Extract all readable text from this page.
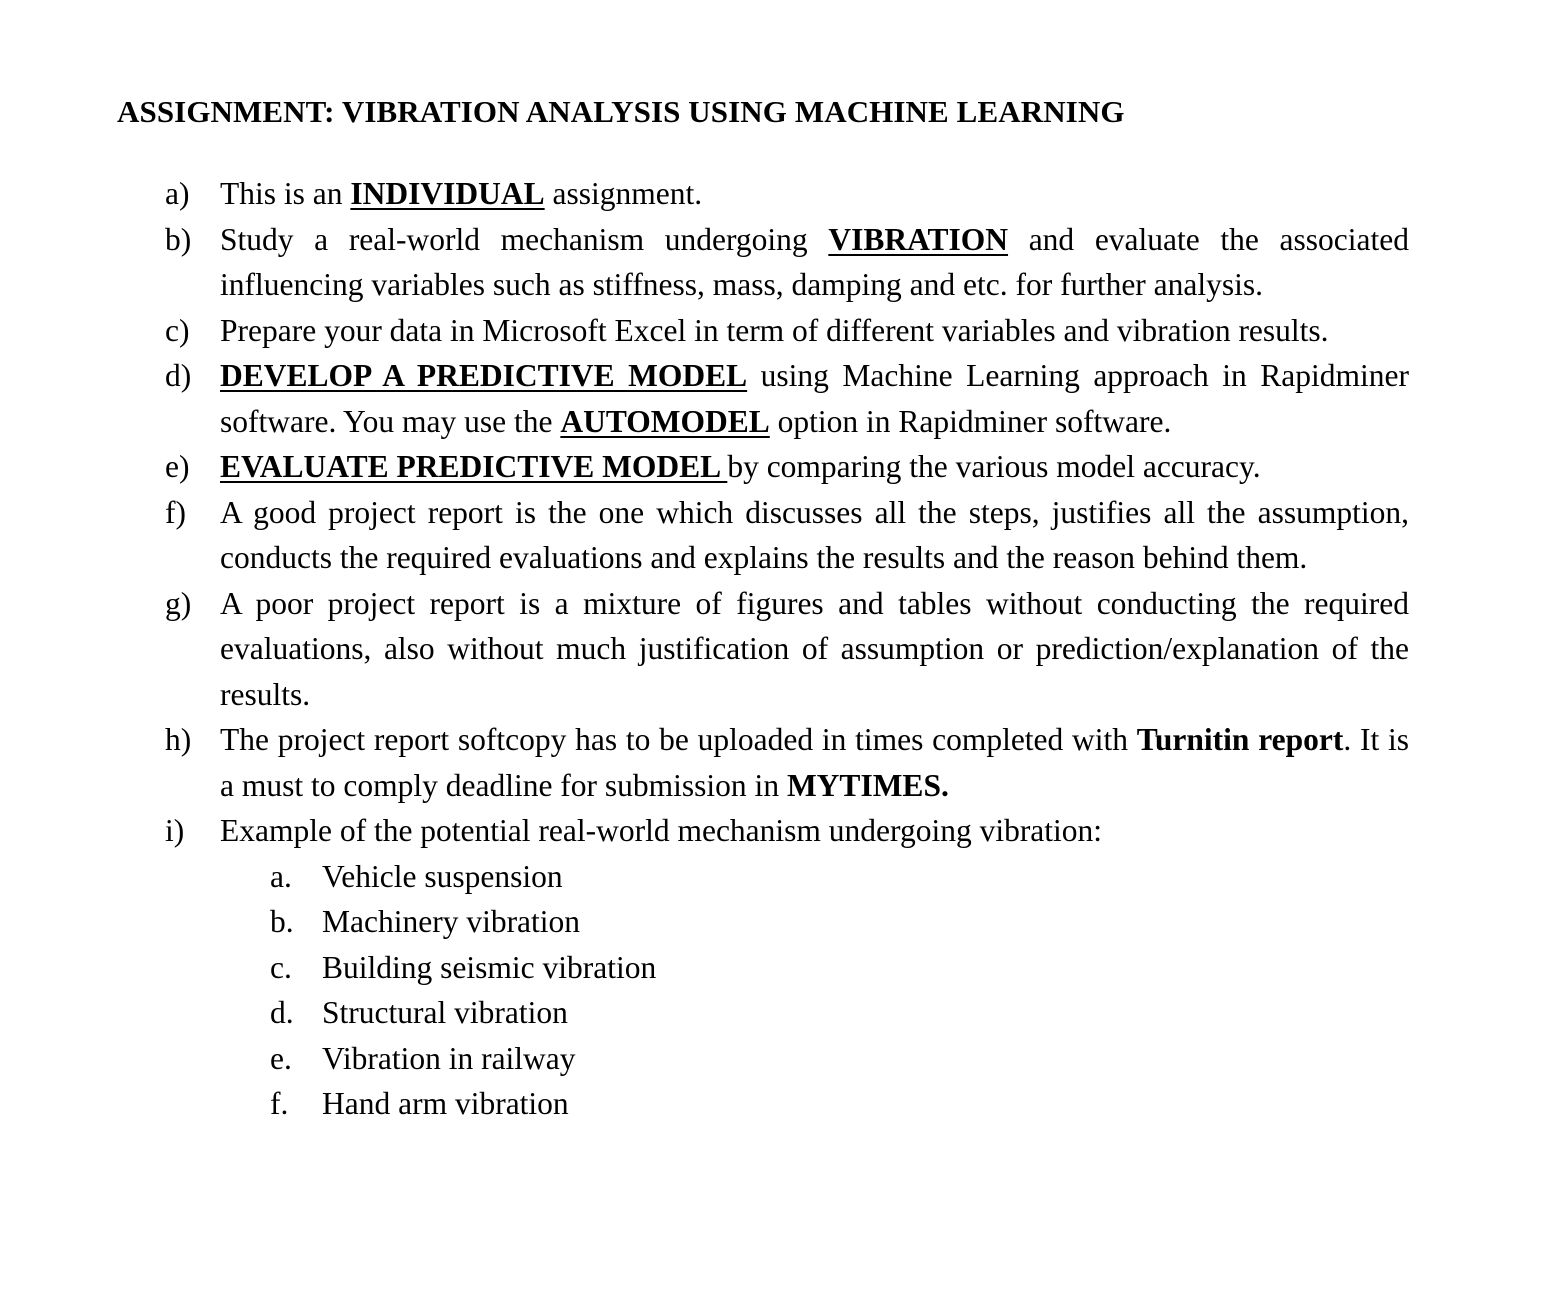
ASSIGNMENT: VIBRATION ANALYSIS USING MACHINE LEARNING
a) This is an INDIVIDUAL assignment.
b) Study a real-world mechanism undergoing VIBRATION and evaluate the associated influencing variables such as stiffness, mass, damping and etc. for further analysis.
c) Prepare your data in Microsoft Excel in term of different variables and vibration results.
d) DEVELOP A PREDICTIVE MODEL using Machine Learning approach in Rapidminer software. You may use the AUTOMODEL option in Rapidminer software.
e) EVALUATE PREDICTIVE MODEL by comparing the various model accuracy.
f) A good project report is the one which discusses all the steps, justifies all the assumption, conducts the required evaluations and explains the results and the reason behind them.
g) A poor project report is a mixture of figures and tables without conducting the required evaluations, also without much justification of assumption or prediction/explanation of the results.
h) The project report softcopy has to be uploaded in times completed with Turnitin report. It is a must to comply deadline for submission in MYTIMES.
i) Example of the potential real-world mechanism undergoing vibration:
a. Vehicle suspension
b. Machinery vibration
c. Building seismic vibration
d. Structural vibration
e. Vibration in railway
f. Hand arm vibration
